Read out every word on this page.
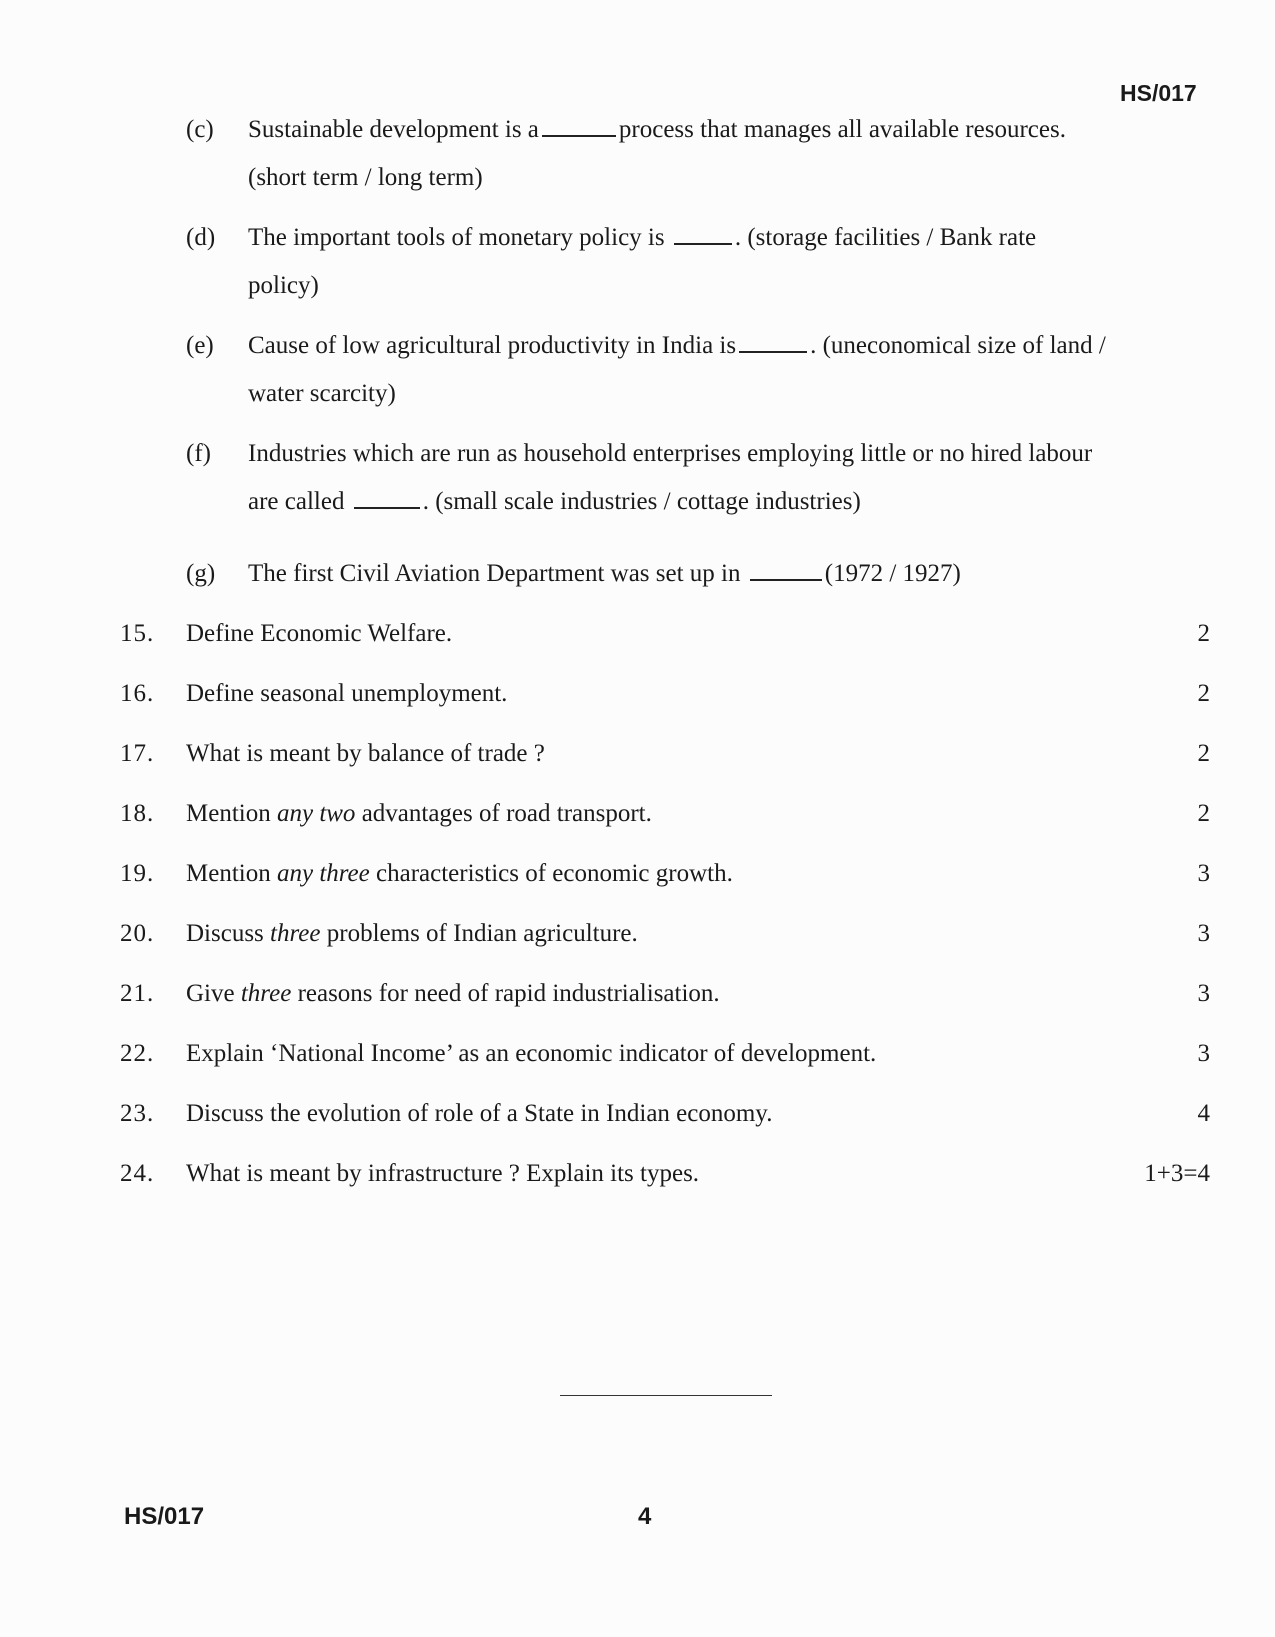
HS/017
(c) Sustainable development is a	process that manages all available resources.
(short term / long term)
(d) The important tools of monetary policy is	. (storage facilities / Bank rate
policy)
(e) Cause of low agricultural productivity in India is	. (uneconomical size of land /
water scarcity)
(f) Industries which are run as household enterprises employing little or no hired labour
are called	. (small scale industries / cottage industries)
(g) The first Civil Aviation Department was set up in	(1972 / 1927)
15. Define Economic Welfare.	2
16. Define seasonal unemployment.	2
17. What is meant by balance of trade ?	2
18. Mention any two advantages of road transport.	2
19. Mention any three characteristics of economic growth.	3
20. Discuss three problems of Indian agriculture.	3
21. Give three reasons for need of rapid industrialisation.	3
22. Explain ‘National Income’ as an economic indicator of development.	3
23. Discuss the evolution of role of a State in Indian economy.	4
24. What is meant by infrastructure ? Explain its types.	1+3=4
HS/017	4
